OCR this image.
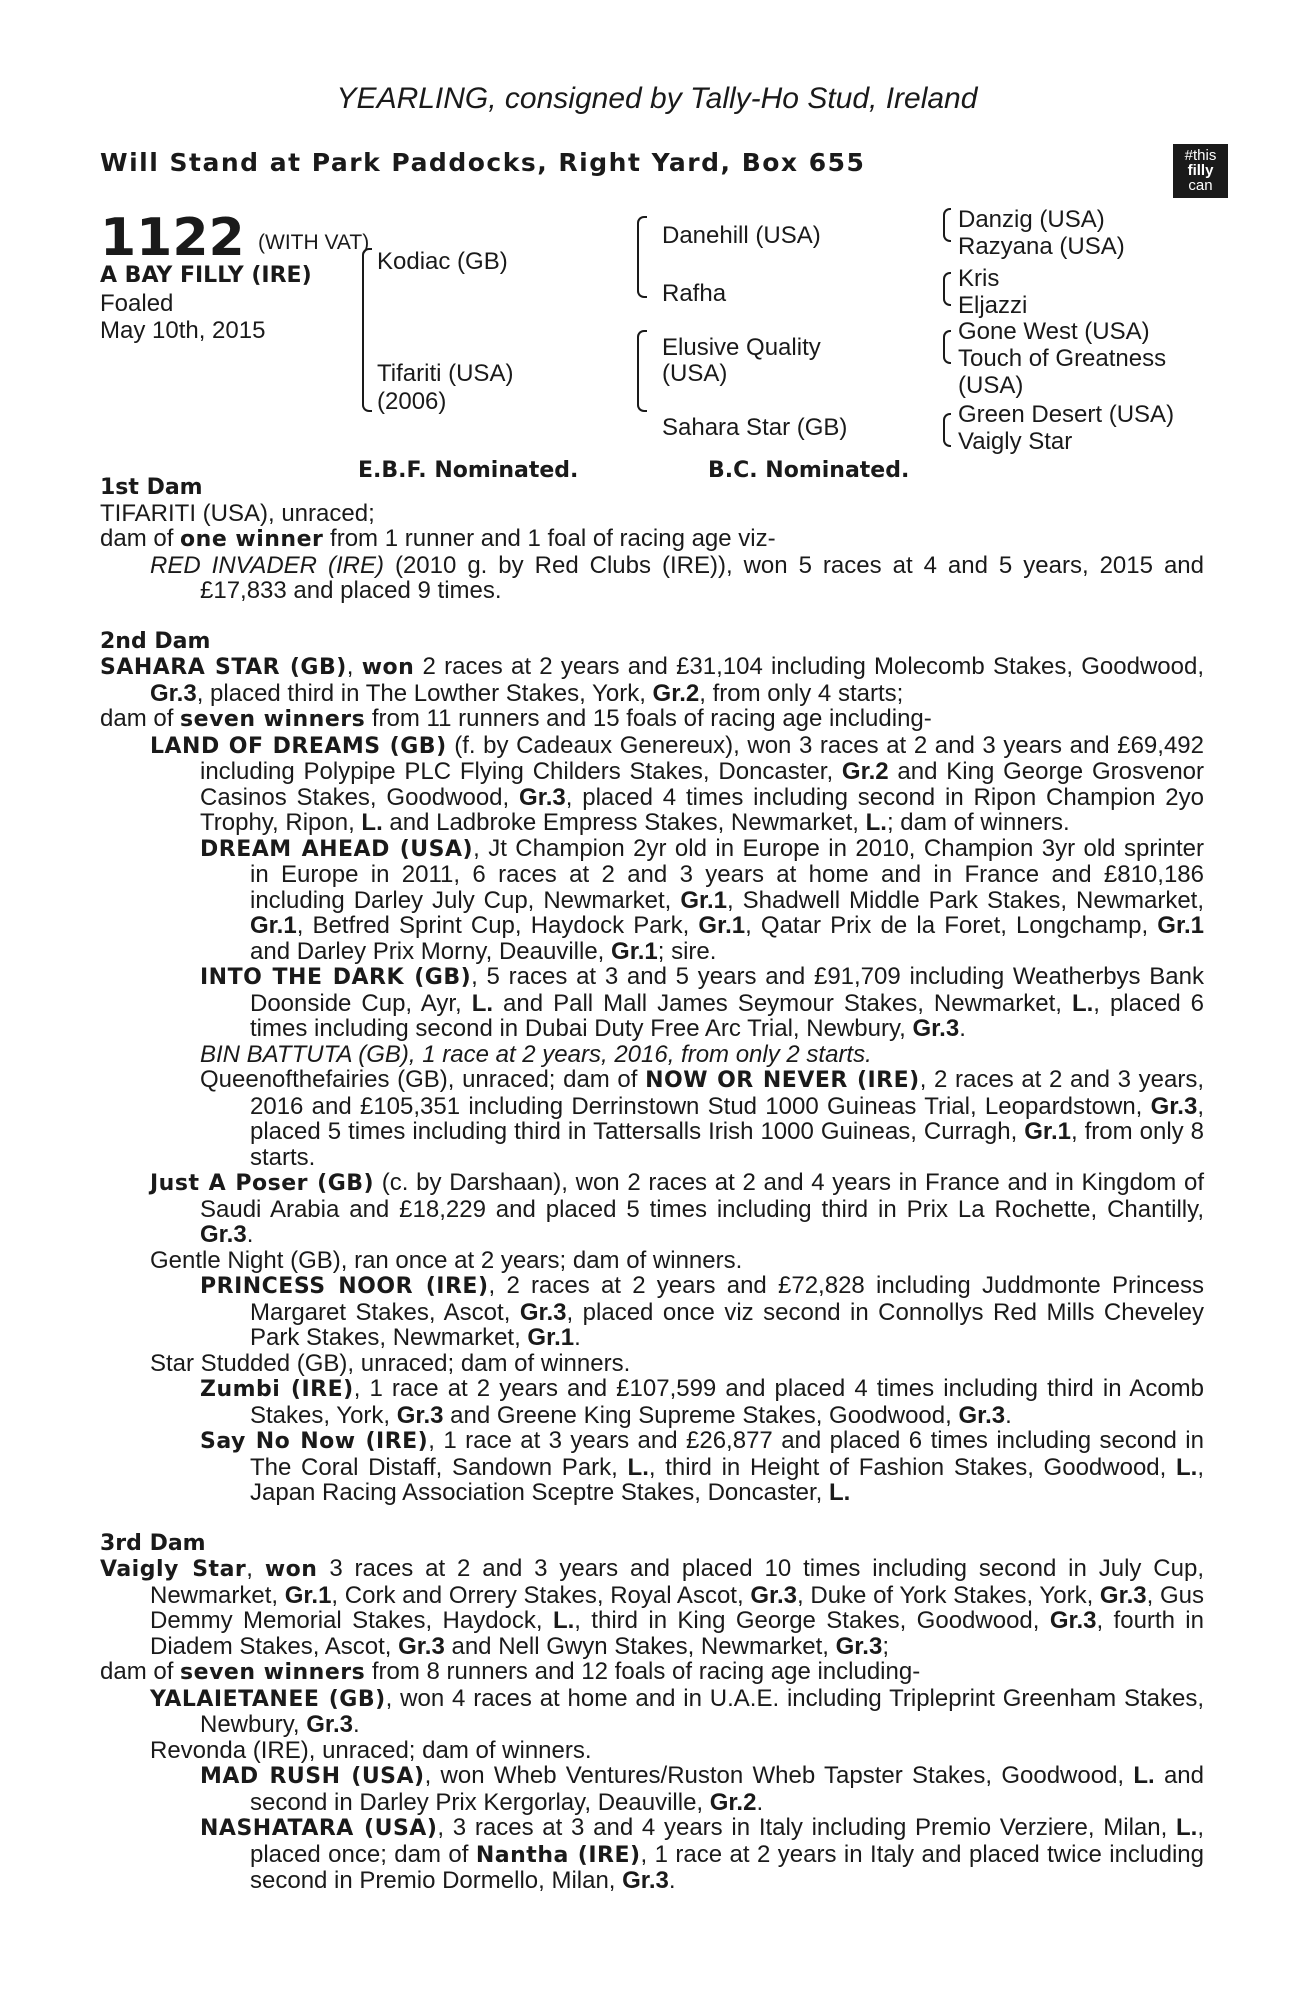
YEARLING, consigned by Tally-Ho Stud, Ireland
Will Stand at Park Paddocks, Right Yard, Box 655	#this
filly
can
1122 (WITH VAT)
A BAY FILLY (IRE)
Foaled
May 10th, 2015
Kodiac (GB)
Tifariti (USA)
(2006)
Danehill (USA)
Rafha
Elusive Quality
(USA)
Sahara Star (GB)
Danzig (USA)
Razyana (USA)
Kris
Eljazzi
Gone West (USA)
Touch of Greatness
(USA)
Green Desert (USA)
Vaigly Star
E.B.F. Nominated.	B.C. Nominated.

1st Dam

TIFARITI (USA), unraced;

dam of one winner from 1 runner and 1 foal of racing age viz-

RED INVADER (IRE) (2010 g. by Red Clubs (IRE)), won 5 races at 4 and 5 years, 2015 and £17,833 and placed 9 times.

2nd Dam

SAHARA STAR (GB), won 2 races at 2 years and £31,104 including Molecomb Stakes, Goodwood, Gr.3, placed third in The Lowther Stakes, York, Gr.2, from only 4 starts;

dam of seven winners from 11 runners and 15 foals of racing age including-

LAND OF DREAMS (GB) (f. by Cadeaux Genereux), won 3 races at 2 and 3 years and £69,492 including Polypipe PLC Flying Childers Stakes, Doncaster, Gr.2 and King George Grosvenor Casinos Stakes, Goodwood, Gr.3, placed 4 times including second in Ripon Champion 2yo Trophy, Ripon, L. and Ladbroke Empress Stakes, Newmarket, L.; dam of winners.

DREAM AHEAD (USA), Jt Champion 2yr old in Europe in 2010, Champion 3yr old sprinter in Europe in 2011, 6 races at 2 and 3 years at home and in France and £810,186 including Darley July Cup, Newmarket, Gr.1, Shadwell Middle Park Stakes, Newmarket, Gr.1, Betfred Sprint Cup, Haydock Park, Gr.1, Qatar Prix de la Foret, Longchamp, Gr.1 and Darley Prix Morny, Deauville, Gr.1; sire.

INTO THE DARK (GB), 5 races at 3 and 5 years and £91,709 including Weatherbys Bank Doonside Cup, Ayr, L. and Pall Mall James Seymour Stakes, Newmarket, L., placed 6 times including second in Dubai Duty Free Arc Trial, Newbury, Gr.3.

BIN BATTUTA (GB), 1 race at 2 years, 2016, from only 2 starts.

Queenofthefairies (GB), unraced; dam of NOW OR NEVER (IRE), 2 races at 2 and 3 years, 2016 and £105,351 including Derrinstown Stud 1000 Guineas Trial, Leopardstown, Gr.3, placed 5 times including third in Tattersalls Irish 1000 Guineas, Curragh, Gr.1, from only 8 starts.

Just A Poser (GB) (c. by Darshaan), won 2 races at 2 and 4 years in France and in Kingdom of Saudi Arabia and £18,229 and placed 5 times including third in Prix La Rochette, Chantilly, Gr.3.

Gentle Night (GB), ran once at 2 years; dam of winners.

PRINCESS NOOR (IRE), 2 races at 2 years and £72,828 including Juddmonte Princess Margaret Stakes, Ascot, Gr.3, placed once viz second in Connollys Red Mills Cheveley Park Stakes, Newmarket, Gr.1.

Star Studded (GB), unraced; dam of winners.

Zumbi (IRE), 1 race at 2 years and £107,599 and placed 4 times including third in Acomb Stakes, York, Gr.3 and Greene King Supreme Stakes, Goodwood, Gr.3.

Say No Now (IRE), 1 race at 3 years and £26,877 and placed 6 times including second in The Coral Distaff, Sandown Park, L., third in Height of Fashion Stakes, Goodwood, L., Japan Racing Association Sceptre Stakes, Doncaster, L.

3rd Dam

Vaigly Star, won 3 races at 2 and 3 years and placed 10 times including second in July Cup, Newmarket, Gr.1, Cork and Orrery Stakes, Royal Ascot, Gr.3, Duke of York Stakes, York, Gr.3, Gus Demmy Memorial Stakes, Haydock, L., third in King George Stakes, Goodwood, Gr.3, fourth in Diadem Stakes, Ascot, Gr.3 and Nell Gwyn Stakes, Newmarket, Gr.3;

dam of seven winners from 8 runners and 12 foals of racing age including-

YALAIETANEE (GB), won 4 races at home and in U.A.E. including Tripleprint Greenham Stakes, Newbury, Gr.3.

Revonda (IRE), unraced; dam of winners.

MAD RUSH (USA), won Wheb Ventures/Ruston Wheb Tapster Stakes, Goodwood, L. and second in Darley Prix Kergorlay, Deauville, Gr.2.

NASHATARA (USA), 3 races at 3 and 4 years in Italy including Premio Verziere, Milan, L., placed once; dam of Nantha (IRE), 1 race at 2 years in Italy and placed twice including second in Premio Dormello, Milan, Gr.3.
